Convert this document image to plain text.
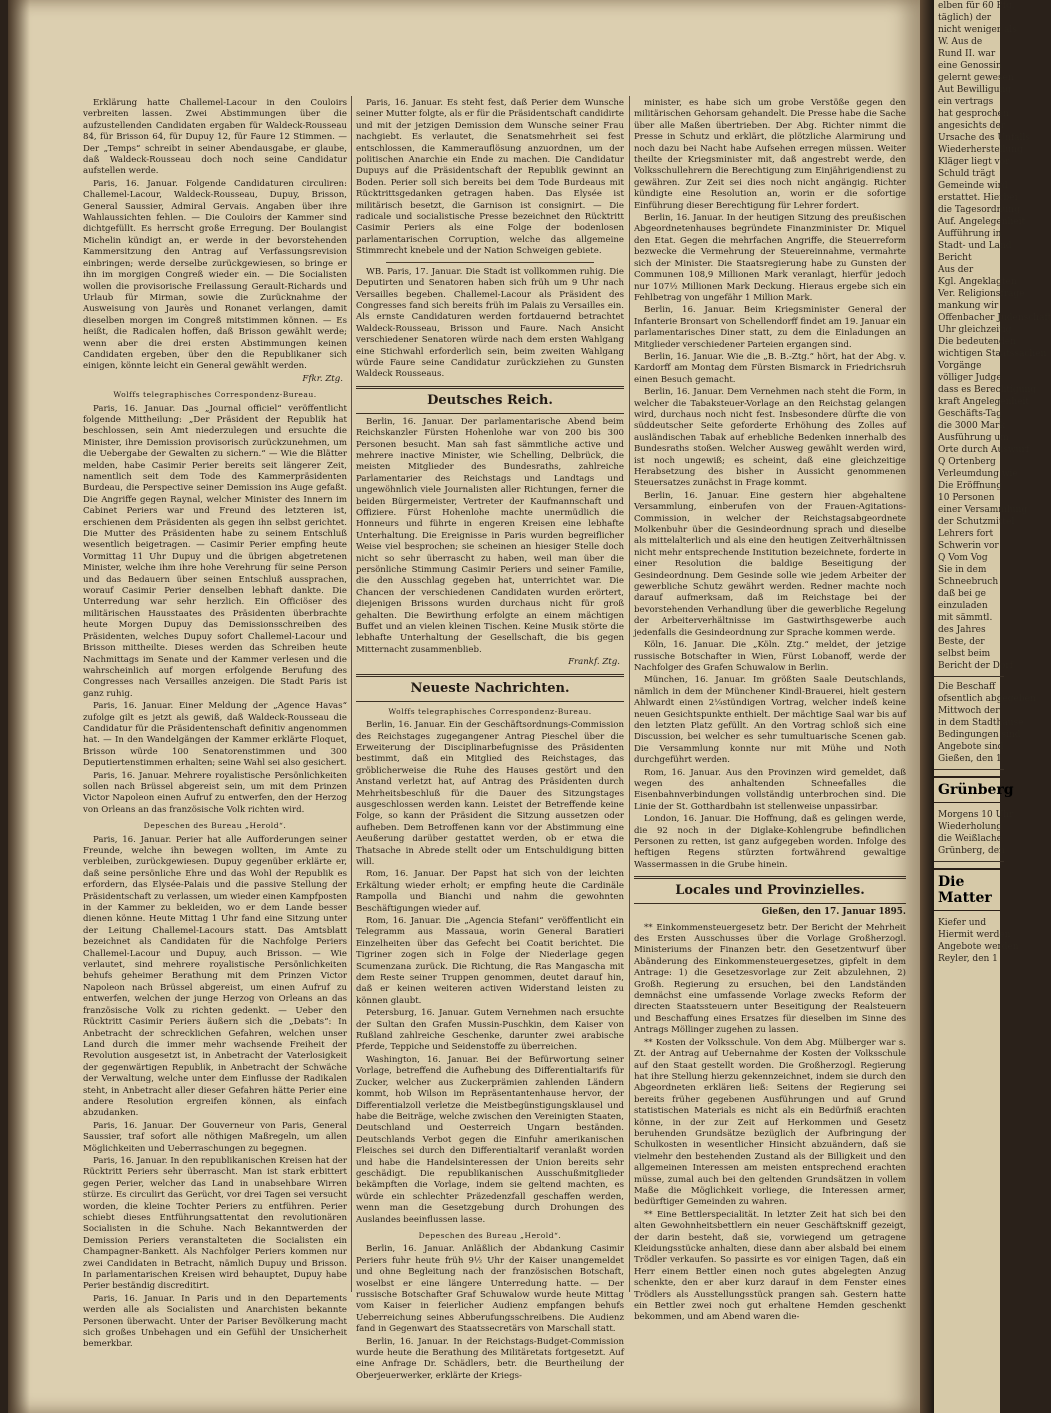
Erklärung hatte Challemel-Lacour in den Couloirs verbreiten lassen. Zwei Abstimmungen über die aufzustellenden Candidaten ergaben für Waldeck-Rousseau 84, für Brisson 64, für Dupuy 12, für Faure 12 Stimmen. — Der „Temps“ schreibt in seiner Abendausgabe, er glaube, daß Waldeck-Rousseau doch noch seine Candidatur aufstellen werde.

Paris, 16. Januar. Folgende Candidaturen circuliren: Challemel-Lacour, Waldeck-Rousseau, Dupuy, Brisson, General Saussier, Admiral Gervais. Angaben über ihre Wahlaussichten fehlen. — Die Couloirs der Kammer sind dichtgefüllt. Es herrscht große Erregung. Der Boulangist Michelin kündigt an, er werde in der bevorstehenden Kammersitzung den Antrag auf Verfassungsrevision einbringen; werde derselbe zurückgewiesen, so bringe er ihn im morgigen Congreß wieder ein. — Die Socialisten wollen die provisorische Freilassung Gerault-Richards und Urlaub für Mirman, sowie die Zurücknahme der Ausweisung von Jaurès und Ronanet verlangen, damit dieselben morgen im Congreß mitstimmen können. — Es heißt, die Radicalen hoffen, daß Brisson gewählt werde; wenn aber die drei ersten Abstimmungen keinen Candidaten ergeben, über den die Republikaner sich einigen, könnte leicht ein General gewählt werden.

Ffkr. Ztg.
Wolffs telegraphisches Correspondenz-Bureau.

Paris, 16. Januar. Das „Journal officiel“ veröffentlicht folgende Mittheilung: „Der Präsident der Republik hat beschlossen, sein Amt niederzulegen und ersuchte die Minister, ihre Demission provisorisch zurückzunehmen, um die Uebergabe der Gewalten zu sichern.“ — Wie die Blätter melden, habe Casimir Perier bereits seit längerer Zeit, namentlich seit dem Tode des Kammerpräsidenten Burdeau, die Perspective seiner Demission ins Auge gefaßt. Die Angriffe gegen Raynal, welcher Minister des Innern im Cabinet Periers war und Freund des letzteren ist, erschienen dem Präsidenten als gegen ihn selbst gerichtet. Die Mutter des Präsidenten habe zu seinem Entschluß wesentlich beigetragen. — Casimir Perier empfing heute Vormittag 11 Uhr Dupuy und die übrigen abgetretenen Minister, welche ihm ihre hohe Verehrung für seine Person und das Bedauern über seinen Entschluß aussprachen, worauf Casimir Perier denselben lebhaft dankte. Die Unterredung war sehr herzlich. Ein Officiöser des militärischen Hausstaates des Präsidenten überbrachte heute Morgen Dupuy das Demissionsschreiben des Präsidenten, welches Dupuy sofort Challemel-Lacour und Brisson mittheilte. Dieses werden das Schreiben heute Nachmittags im Senate und der Kammer verlesen und die wahrscheinlich auf morgen erfolgende Berufung des Congresses nach Versailles anzeigen. Die Stadt Paris ist ganz ruhig.

Paris, 16. Januar. Einer Meldung der „Agence Havas“ zufolge gilt es jetzt als gewiß, daß Waldeck-Rousseau die Candidatur für die Präsidentenschaft definitiv angenommen hat. — In den Wandelgängen der Kammer erklärte Floquet, Brisson würde 100 Senatorenstimmen und 300 Deputiertenstimmen erhalten; seine Wahl sei also gesichert.

Paris, 16. Januar. Mehrere royalistische Persönlichkeiten sollen nach Brüssel abgereist sein, um mit dem Prinzen Victor Napoleon einen Aufruf zu entwerfen, den der Herzog von Orleans an das französische Volk richten wird.

Depeschen des Bureau „Herold“.

Paris, 16. Januar. Perier hat alle Aufforderungen seiner Freunde, welche ihn bewegen wollten, im Amte zu verbleiben, zurückgewiesen. Dupuy gegenüber erklärte er, daß seine persönliche Ehre und das Wohl der Republik es erfordern, das Elysée-Palais und die passive Stellung der Präsidentschaft zu verlassen, um wieder einen Kampfposten in der Kammer zu bekleiden, wo er dem Lande besser dienen könne. Heute Mittag 1 Uhr fand eine Sitzung unter der Leitung Challemel-Lacours statt. Das Amtsblatt bezeichnet als Candidaten für die Nachfolge Periers Challemel-Lacour und Dupuy, auch Brisson. — Wie verlautet, sind mehrere royalistische Persönlichkeiten behufs geheimer Berathung mit dem Prinzen Victor Napoleon nach Brüssel abgereist, um einen Aufruf zu entwerfen, welchen der junge Herzog von Orleans an das französische Volk zu richten gedenkt. — Ueber den Rücktritt Casimir Periers äußern sich die „Debats“: In Anbetracht der schrecklichen Gefahren, welchen unser Land durch die immer mehr wachsende Freiheit der Revolution ausgesetzt ist, in Anbetracht der Vaterlosigkeit der gegenwärtigen Republik, in Anbetracht der Schwäche der Verwaltung, welche unter dem Einflusse der Radikalen steht, in Anbetracht aller dieser Gefahren hätte Perier eine andere Resolution ergreifen können, als einfach abzudanken.

Paris, 16. Januar. Der Gouverneur von Paris, General Saussier, traf sofort alle nöthigen Maßregeln, um allen Möglichkeiten und Ueberraschungen zu begegnen.

Paris, 16. Januar. In den republikanischen Kreisen hat der Rücktritt Periers sehr überrascht. Man ist stark erbittert gegen Perier, welcher das Land in unabsehbare Wirren stürze. Es circulirt das Gerücht, vor drei Tagen sei versucht worden, die kleine Tochter Periers zu entführen. Perier schiebt dieses Entführungsattentat den revolutionären Socialisten in die Schuhe. Nach Bekanntwerden der Demission Periers veranstalteten die Socialisten ein Champagner-Bankett. Als Nachfolger Periers kommen nur zwei Candidaten in Betracht, nämlich Dupuy und Brisson. In parlamentarischen Kreisen wird behauptet, Dupuy habe Perier beständig discreditirt.

Paris, 16. Januar. In Paris und in den Departements werden alle als Socialisten und Anarchisten bekannte Personen überwacht. Unter der Pariser Bevölkerung macht sich großes Unbehagen und ein Gefühl der Unsicherheit bemerkbar.

Paris, 16. Januar. Es steht fest, daß Perier dem Wunsche seiner Mutter folgte, als er für die Präsidentschaft candidirte und mit der jetzigen Demission dem Wunsche seiner Frau nachgiebt. Es verlautet, die Senatsmehrheit sei fest entschlossen, die Kammerauflösung anzuordnen, um der politischen Anarchie ein Ende zu machen. Die Candidatur Dupuys auf die Präsidentschaft der Republik gewinnt an Boden. Perier soll sich bereits bei dem Tode Burdeaus mit Rücktrittsgedanken getragen haben. Das Elysée ist militärisch besetzt, die Garnison ist consignirt. — Die radicale und socialistische Presse bezeichnet den Rücktritt Casimir Periers als eine Folge der bodenlosen parlamentarischen Corruption, welche das allgemeine Stimmrecht knebele und der Nation Schweigen gebiete.

WB. Paris, 17. Januar. Die Stadt ist vollkommen ruhig. Die Deputirten und Senatoren haben sich früh um 9 Uhr nach Versailles begeben. Challemel-Lacour als Präsident des Congresses fand sich bereits früh im Palais zu Versailles ein. Als ernste Candidaturen werden fortdauernd betrachtet Waldeck-Rousseau, Brisson und Faure. Nach Ansicht verschiedener Senatoren würde nach dem ersten Wahlgang eine Stichwahl erforderlich sein, beim zweiten Wahlgang würde Faure seine Candidatur zurückziehen zu Gunsten Waldeck Rousseaus.

Deutsches Reich.

Berlin, 16. Januar. Der parlamentarische Abend beim Reichskanzler Fürsten Hohenlohe war von 200 bis 300 Personen besucht. Man sah fast sämmtliche active und mehrere inactive Minister, wie Schelling, Delbrück, die meisten Mitglieder des Bundesraths, zahlreiche Parlamentarier des Reichstags und Landtags und ungewöhnlich viele Journalisten aller Richtungen, ferner die beiden Bürgermeister, Vertreter der Kaufmannschaft und Offiziere. Fürst Hohenlohe machte unermüdlich die Honneurs und führte in engeren Kreisen eine lebhafte Unterhaltung. Die Ereignisse in Paris wurden begreiflicher Weise viel besprochen; sie scheinen an hiesiger Stelle doch nicht so sehr überrascht zu haben, weil man über die persönliche Stimmung Casimir Periers und seiner Familie, die den Ausschlag gegeben hat, unterrichtet war. Die Chancen der verschiedenen Candidaten wurden erörtert, diejenigen Brissons wurden durchaus nicht für groß gehalten. Die Bewirthung erfolgte an einem mächtigen Buffet und an vielen kleinen Tischen. Keine Musik störte die lebhafte Unterhaltung der Gesellschaft, die bis gegen Mitternacht zusammenblieb.

Frankf. Ztg.
Neueste Nachrichten.
Wolffs telegraphisches Correspondenz-Bureau.

Berlin, 16. Januar. Ein der Geschäftsordnungs-Commission des Reichstages zugegangener Antrag Pieschel über die Erweiterung der Disciplinarbefugnisse des Präsidenten bestimmt, daß ein Mitglied des Reichstages, das gröblicherweise die Ruhe des Hauses gestört und den Anstand verletzt hat, auf Antrag des Präsidenten durch Mehrheitsbeschluß für die Dauer des Sitzungstages ausgeschlossen werden kann. Leistet der Betreffende keine Folge, so kann der Präsident die Sitzung aussetzen oder aufheben. Dem Betroffenen kann vor der Abstimmung eine Aeußerung darüber gestattet werden, ob er etwa die Thatsache in Abrede stellt oder um Entschuldigung bitten will.

Rom, 16. Januar. Der Papst hat sich von der leichten Erkältung wieder erholt; er empfing heute die Cardinäle Rampolla und Bianchi und nahm die gewohnten Beschäftigungen wieder auf.

Rom, 16. Januar. Die „Agencia Stefani“ veröffentlicht ein Telegramm aus Massaua, worin General Baratieri Einzelheiten über das Gefecht bei Coatit berichtet. Die Tigriner zogen sich in Folge der Niederlage gegen Scumenzana zurück. Die Richtung, die Ras Mangascha mit dem Reste seiner Truppen genommen, deutet darauf hin, daß er keinen weiteren activen Widerstand leisten zu können glaubt.

Petersburg, 16. Januar. Gutem Vernehmen nach ersuchte der Sultan den Grafen Mussin-Puschkin, dem Kaiser von Rußland zahlreiche Geschenke, darunter zwei arabische Pferde, Teppiche und Seidenstoffe zu überreichen.

Washington, 16. Januar. Bei der Befürwortung seiner Vorlage, betreffend die Aufhebung des Differentialtarifs für Zucker, welcher aus Zuckerprämien zahlenden Ländern kommt, hob Wilson im Repräsentantenhause hervor, der Differentialzoll verletze die Meistbegünstigungsklausel und habe die Beiträge, welche zwischen den Vereinigten Staaten, Deutschland und Oesterreich Ungarn beständen. Deutschlands Verbot gegen die Einfuhr amerikanischen Fleisches sei durch den Differentialtarif veranlaßt worden und habe die Handelsinteressen der Union bereits sehr geschädigt. Die republikanischen Ausschußmitglieder bekämpften die Vorlage, indem sie geltend machten, es würde ein schlechter Präzedenzfall geschaffen werden, wenn man die Gesetzgebung durch Drohungen des Auslandes beeinflussen lasse.

Depeschen des Bureau „Herold“.

Berlin, 16. Januar. Anläßlich der Abdankung Casimir Periers fuhr heute früh 9½ Uhr der Kaiser unangemeldet und ohne Begleitung nach der französischen Botschaft, woselbst er eine längere Unterredung hatte. — Der russische Botschafter Graf Schuwalow wurde heute Mittag vom Kaiser in feierlicher Audienz empfangen behufs Ueberreichung seines Abberufungsschreibens. Die Audienz fand in Gegenwart des Staatssecretärs von Marschall statt.

Berlin, 16. Januar. In der Reichstags-Budget-Commission wurde heute die Berathung des Militäretats fortgesetzt. Auf eine Anfrage Dr. Schädlers, betr. die Beurtheilung der Oberjeuerwerker, erklärte der Kriegs-

minister, es habe sich um grobe Verstöße gegen den militärischen Gehorsam gehandelt. Die Presse habe die Sache über alle Maßen übertrieben. Der Abg. Richter nimmt die Presse in Schutz und erklärt, die plötzliche Alarmirung und noch dazu bei Nacht habe Aufsehen erregen müssen. Weiter theilte der Kriegsminister mit, daß angestrebt werde, den Volksschullehrern die Berechtigung zum Einjährigendienst zu gewähren. Zur Zeit sei dies noch nicht angängig. Richter kündigte eine Resolution an, worin er die sofortige Einführung dieser Berechtigung für Lehrer fordert.

Berlin, 16. Januar. In der heutigen Sitzung des preußischen Abgeordnetenhauses begründete Finanzminister Dr. Miquel den Etat. Gegen die mehrfachen Angriffe, die Steuerreform bezwecke die Vermehrung der Steuereinnahme, vermahrte sich der Minister. Die Staatsregierung habe zu Gunsten der Communen 108,9 Millionen Mark veranlagt, hierfür jedoch nur 107½ Millionen Mark Deckung. Hieraus ergebe sich ein Fehlbetrag von ungefähr 1 Million Mark.

Berlin, 16. Januar. Beim Kriegsminister General der Infanterie Bronsart von Schellendorff findet am 19. Januar ein parlamentarisches Diner statt, zu dem die Einladungen an Mitglieder verschiedener Parteien ergangen sind.

Berlin, 16. Januar. Wie die „B. B.-Ztg.“ hört, hat der Abg. v. Kardorff am Montag dem Fürsten Bismarck in Friedrichsruh einen Besuch gemacht.

Berlin, 16. Januar. Dem Vernehmen nach steht die Form, in welcher die Tabaksteuer-Vorlage an den Reichstag gelangen wird, durchaus noch nicht fest. Insbesondere dürfte die von süddeutscher Seite geforderte Erhöhung des Zolles auf ausländischen Tabak auf erhebliche Bedenken innerhalb des Bundesraths stoßen. Welcher Ausweg gewählt werden wird, ist noch ungewiß; es scheint, daß eine gleichzeitige Herabsetzung des bisher in Aussicht genommenen Steuersatzes zunächst in Frage kommt.

Berlin, 16. Januar. Eine gestern hier abgehaltene Versammlung, einberufen von der Frauen-Agitations-Commission, in welcher der Reichstagsabgeordnete Molkenbuhr über die Gesindeordnung sprach und dieselbe als mittelalterlich und als eine den heutigen Zeitverhältnissen nicht mehr entsprechende Institution bezeichnete, forderte in einer Resolution die baldige Beseitigung der Gesindeordnung. Dem Gesinde solle wie jedem Arbeiter der gewerbliche Schutz gewährt werden. Redner machte noch darauf aufmerksam, daß im Reichstage bei der bevorstehenden Verhandlung über die gewerbliche Regelung der Arbeiterverhältnisse im Gastwirthsgewerbe auch jedenfalls die Gesindeordnung zur Sprache kommen werde.

Köln, 16. Januar. Die „Köln. Ztg.“ meldet, der jetzige russische Botschafter in Wien, Fürst Lobanoff, werde der Nachfolger des Grafen Schuwalow in Berlin.

München, 16. Januar. Im größten Saale Deutschlands, nämlich in dem der Münchener Kindl-Brauerei, hielt gestern Ahlwardt einen 2¼stündigen Vortrag, welcher indeß keine neuen Gesichtspunkte enthielt. Der mächtige Saal war bis auf den letzten Platz gefüllt. An den Vortrag schloß sich eine Discussion, bei welcher es sehr tumultuarische Scenen gab. Die Versammlung konnte nur mit Mühe und Noth durchgeführt werden.

Rom, 16. Januar. Aus den Provinzen wird gemeldet, daß wegen des anhaltenden Schneefalles die Eisenbahnverbindungen vollständig unterbrochen sind. Die Linie der St. Gotthardbahn ist stellenweise unpassirbar.

London, 16. Januar. Die Hoffnung, daß es gelingen werde, die 92 noch in der Diglake-Kohlengrube befindlichen Personen zu retten, ist ganz aufgegeben worden. Infolge des heftigen Regens stürzten fortwährend gewaltige Wassermassen in die Grube hinein.

Locales und Provinzielles.
Gießen, den 17. Januar 1895.

** Einkommensteuergesetz betr. Der Bericht der Mehrheit des Ersten Ausschusses über die Vorlage Großherzogl. Ministeriums der Finanzen betr. den Gesetzentwurf über Abänderung des Einkommensteuergesetzes, gipfelt in dem Antrage: 1) die Gesetzesvorlage zur Zeit abzulehnen, 2) Großh. Regierung zu ersuchen, bei den Landständen demnächst eine umfassende Vorlage zwecks Reform der directen Staatssteuern unter Beseitigung der Realsteuern und Beschaffung eines Ersatzes für dieselben im Sinne des Antrags Möllinger zugehen zu lassen.

** Kosten der Volksschule. Von dem Abg. Mülberger war s. Zt. der Antrag auf Uebernahme der Kosten der Volksschule auf den Staat gestellt worden. Die Großherzogl. Regierung hat ihre Stellung hierzu gekennzeichnet, indem sie durch den Abgeordneten erklären ließ: Seitens der Regierung sei bereits früher gegebenen Ausführungen und auf Grund statistischen Materials es nicht als ein Bedürfniß erachten könne, in der zur Zeit auf Herkommen und Gesetz beruhenden Grundsätze bezüglich der Aufbringung der Schulkosten in wesentlicher Hinsicht abzuändern, daß sie vielmehr den bestehenden Zustand als der Billigkeit und den allgemeinen Interessen am meisten entsprechend erachten müsse, zumal auch bei den geltenden Grundsätzen in vollem Maße die Möglichkeit vorliege, die Interessen armer, bedürftiger Gemeinden zu wahren.

** Eine Bettlerspecialität. In letzter Zeit hat sich bei den alten Gewohnheitsbettlern ein neuer Geschäftskniff gezeigt, der darin besteht, daß sie, vorwiegend um getragene Kleidungsstücke anhalten, diese dann aber alsbald bei einem Trödler verkaufen. So passirte es vor einigen Tagen, daß ein Herr einem Bettler einen noch gutes abgelegten Anzug schenkte, den er aber kurz darauf in dem Fenster eines Trödlers als Ausstellungsstück prangen sah. Gestern hatte ein Bettler zwei noch gut erhaltene Hemden geschenkt bekommen, und am Abend waren die-

elben für 60 Pfg.
täglich) der
nicht weniger als
W. Aus de
Rund II. war
eine Genossin
gelernt gewesen
Aut Bewilligung
ein vertrags
hat gesprochen
angesichts der
Ursache des Unfalls
Wiederherstellung
Kläger liegt vor
Schuld trägt
Gemeinde wird
erstattet. Hierbei
die Tagesordnung
Auf. Angelegenheit
Aufführung in
Stadt- und Land
Bericht
Aus der
Kgl. Angeklagten
Ver. Religionsfrage
mankung wir
Offenbacher Judenschaft
Uhr gleichzeitig
Die bedeutenden
wichtigen Staatssachen
Vorgänge
völliger Judge
dass es Berechtigung
kraft Angelegenheit
Geschäfts-Tag
die 3000 Mark
Ausführung um
Orte durch Auswurf
Q Ortenberg
Verleumdung wie
Die Eröffnung
10 Personen
einer Versammlung
der Schutzmittel
Lehrers fort
Schwerin vor
Q Vom Vog
Sie in dem
Schneebruch
daß bei ge
einzuladen
mit sämmtl.
des Jahres
Beste, der
selbst beim
Bericht der Dorf
Die Beschaff
ofsentlich abgegeben
Mittwoch der
in dem Stadthause
Bedingungen sind
Angebote sind
Gießen, den 1
Grünberg
Morgens 10 Uhr
Wiederholung
die Weißlache
Grünberg, den
Die Matter
Kiefer und
Hiermit werden
Angebote werden
Reyler, den 1
